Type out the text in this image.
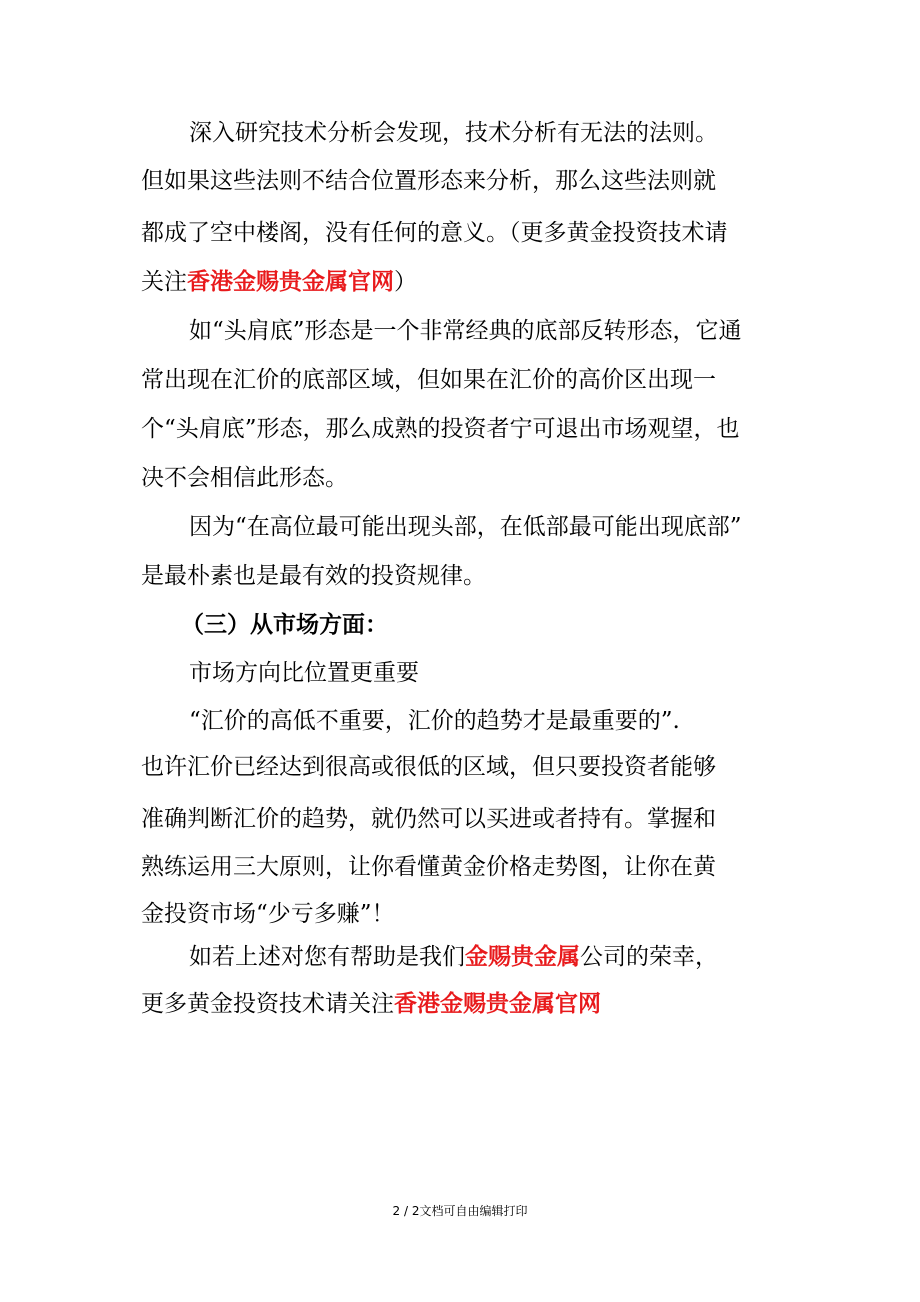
深入研究技术分析会发现，技术分析有无法的法则。
但如果这些法则不结合位置形态来分析，那么这些法则就
都成了空中楼阁，没有任何的意义。（更多黄金投资技术请
关注香港金赐贵金属官网）
如“头肩底”形态是一个非常经典的底部反转形态，它通
常出现在汇价的底部区域，但如果在汇价的高价区出现一
个“头肩底”形态，那么成熟的投资者宁可退出市场观望，也
决不会相信此形态。
因为“在高位最可能出现头部，在低部最可能出现底部”
是最朴素也是最有效的投资规律。
（三）从市场方面：
市场方向比位置更重要
“汇价的高低不重要，汇价的趋势才是最重要的”.
也许汇价已经达到很高或很低的区域，但只要投资者能够
准确判断汇价的趋势，就仍然可以买进或者持有。掌握和
熟练运用三大原则，让你看懂黄金价格走势图，让你在黄
金投资市场“少亏多赚”！
如若上述对您有帮助是我们金赐贵金属公司的荣幸，
更多黄金投资技术请关注香港金赐贵金属官网
2 / 2文档可自由编辑打印
